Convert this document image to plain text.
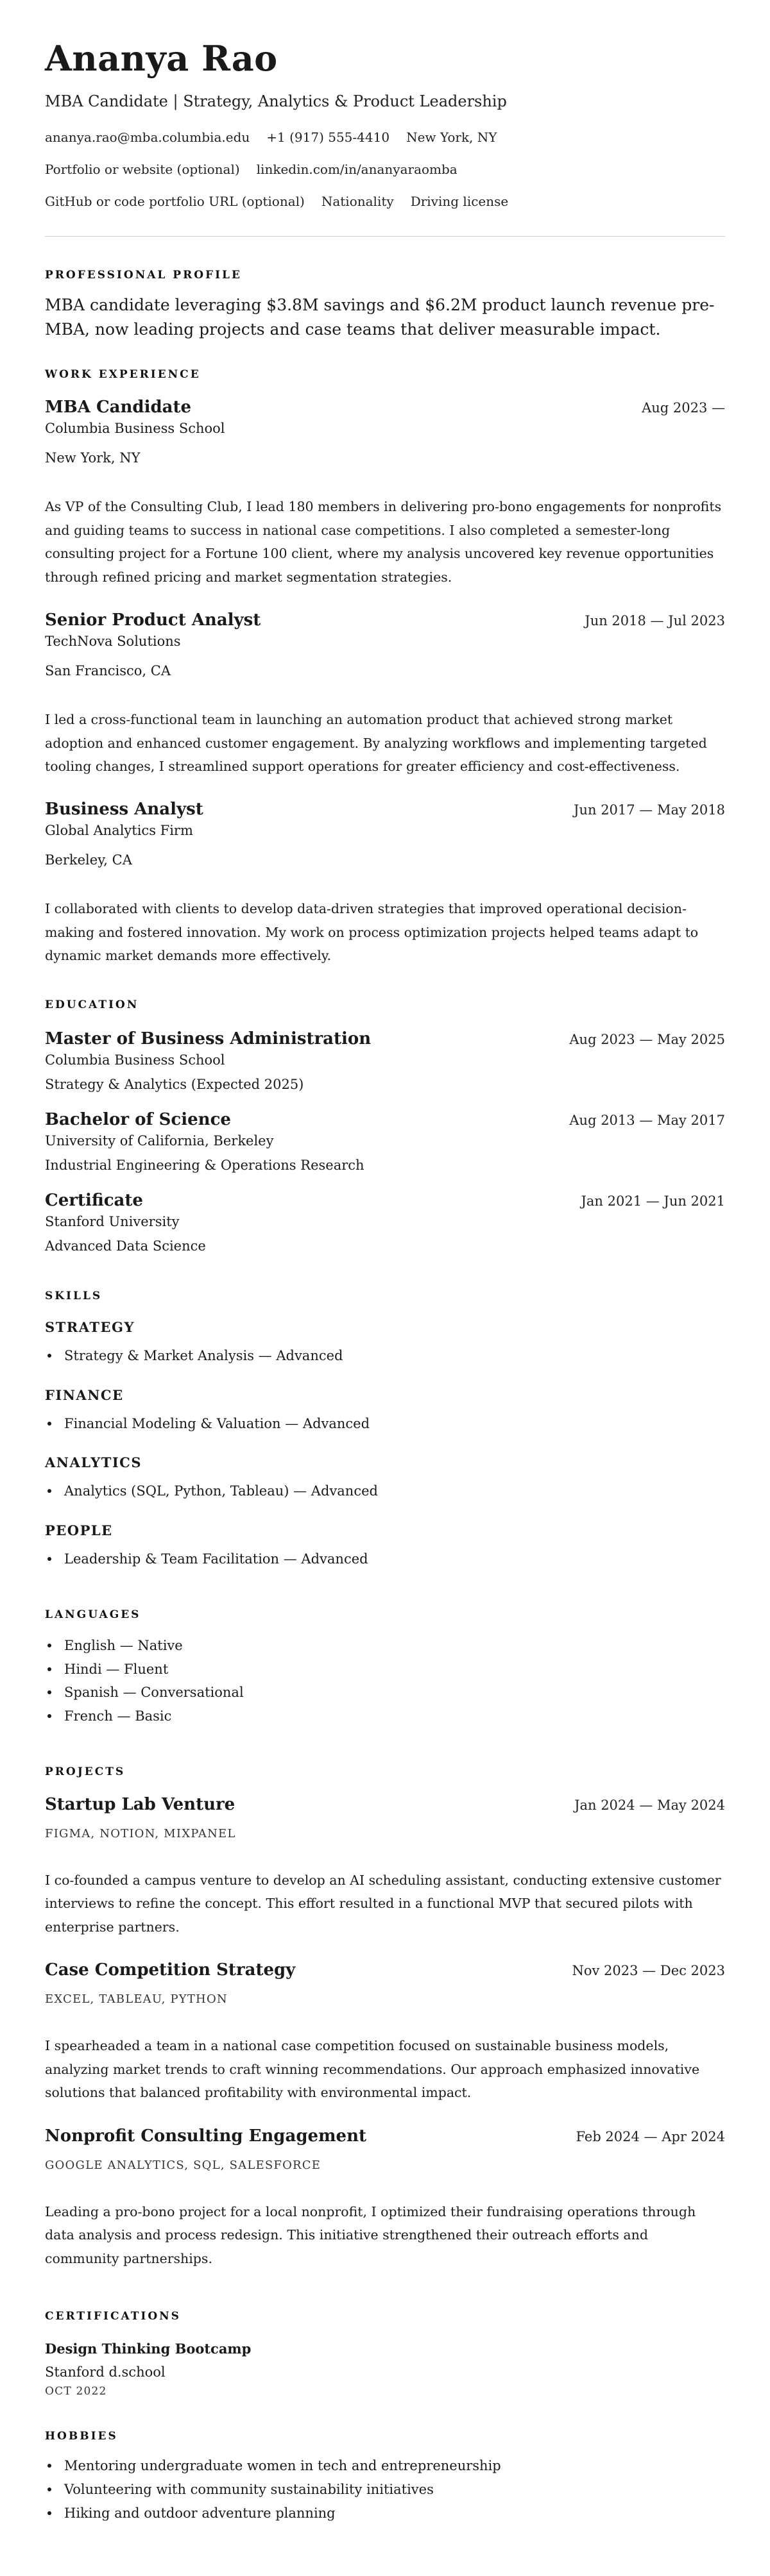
Ananya Rao
MBA Candidate | Strategy, Analytics & Product Leadership
ananya.rao@mba.columbia.edu +1 (917) 555-4410 New York, NY
Portfolio or website (optional) linkedin.com/in/ananyaraomba
GitHub or code portfolio URL (optional) Nationality Driving license
PROFESSIONAL PROFILE

MBA candidate leveraging $3.8M savings and $6.2M product launch revenue pre-MBA, now leading projects and case teams that deliver measurable impact.

WORK EXPERIENCE
MBA Candidate	Aug 2023 —
Columbia Business School
New York, NY

As VP of the Consulting Club, I lead 180 members in delivering pro-bono engagements for nonprofits and guiding teams to success in national case competitions. I also completed a semester-long consulting project for a Fortune 100 client, where my analysis uncovered key revenue opportunities through refined pricing and market segmentation strategies.

Senior Product Analyst	Jun 2018 — Jul 2023
TechNova Solutions
San Francisco, CA

I led a cross-functional team in launching an automation product that achieved strong market adoption and enhanced customer engagement. By analyzing workflows and implementing targeted tooling changes, I streamlined support operations for greater efficiency and cost-effectiveness.

Business Analyst	Jun 2017 — May 2018
Global Analytics Firm
Berkeley, CA

I collaborated with clients to develop data-driven strategies that improved operational decision-making and fostered innovation. My work on process optimization projects helped teams adapt to dynamic market demands more effectively.

EDUCATION
Master of Business Administration	Aug 2023 — May 2025
Columbia Business School
Strategy & Analytics (Expected 2025)
Bachelor of Science	Aug 2013 — May 2017
University of California, Berkeley
Industrial Engineering & Operations Research
Certificate	Jan 2021 — Jun 2021
Stanford University
Advanced Data Science
SKILLS
STRATEGY
Strategy & Market Analysis — Advanced
FINANCE
Financial Modeling & Valuation — Advanced
ANALYTICS
Analytics (SQL, Python, Tableau) — Advanced
PEOPLE
Leadership & Team Facilitation — Advanced
LANGUAGES
English — Native
Hindi — Fluent
Spanish — Conversational
French — Basic
PROJECTS
Startup Lab Venture	Jan 2024 — May 2024
FIGMA, NOTION, MIXPANEL

I co-founded a campus venture to develop an AI scheduling assistant, conducting extensive customer interviews to refine the concept. This effort resulted in a functional MVP that secured pilots with enterprise partners.

Case Competition Strategy	Nov 2023 — Dec 2023
EXCEL, TABLEAU, PYTHON

I spearheaded a team in a national case competition focused on sustainable business models, analyzing market trends to craft winning recommendations. Our approach emphasized innovative solutions that balanced profitability with environmental impact.

Nonprofit Consulting Engagement	Feb 2024 — Apr 2024
GOOGLE ANALYTICS, SQL, SALESFORCE

Leading a pro-bono project for a local nonprofit, I optimized their fundraising operations through data analysis and process redesign. This initiative strengthened their outreach efforts and community partnerships.

CERTIFICATIONS
Design Thinking Bootcamp
Stanford d.school
OCT 2022
HOBBIES
Mentoring undergraduate women in tech and entrepreneurship
Volunteering with community sustainability initiatives
Hiking and outdoor adventure planning
